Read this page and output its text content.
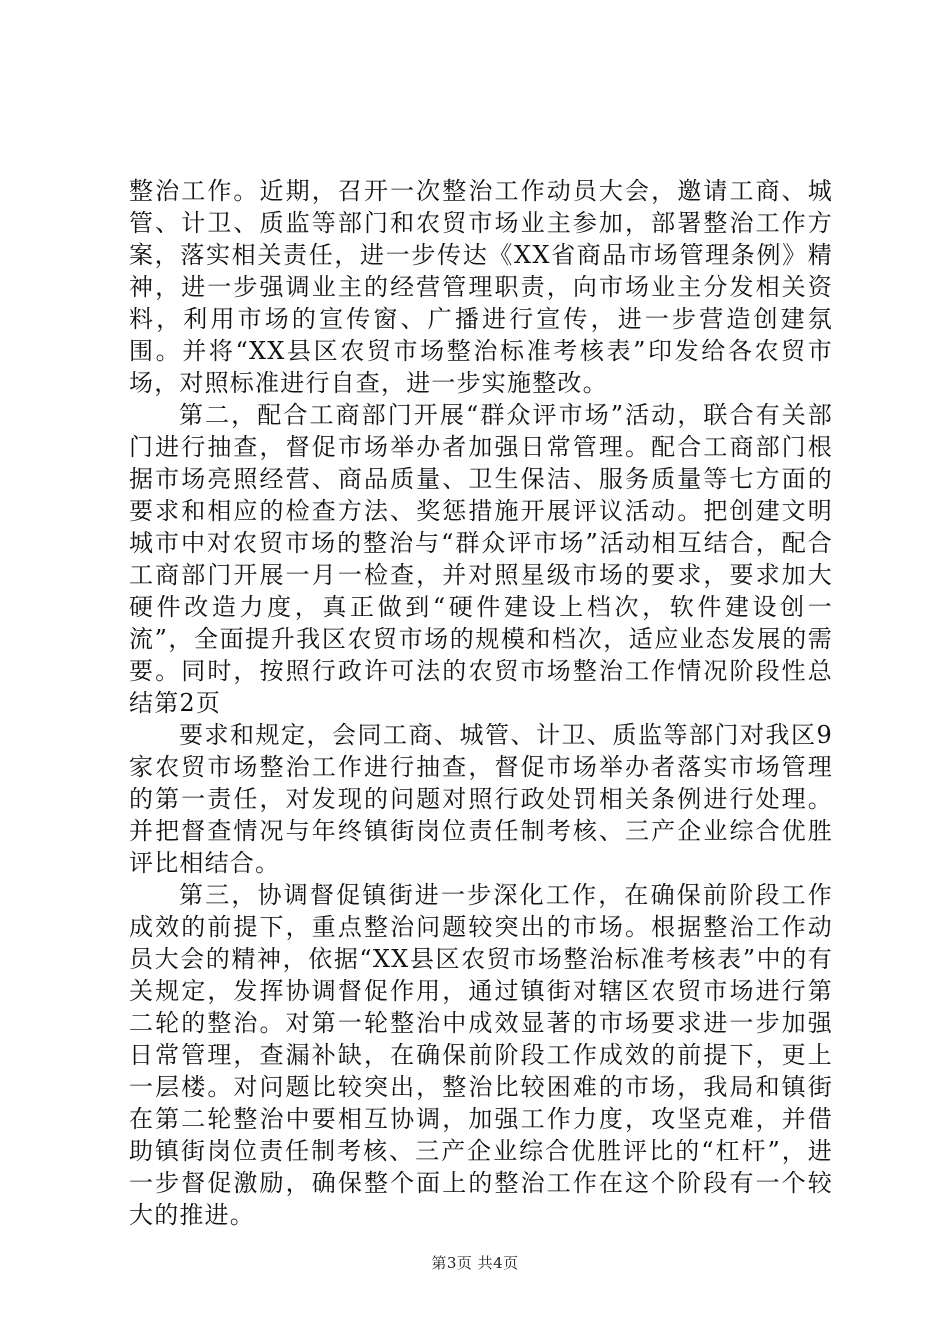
整治工作。近期，召开一次整治工作动员大会，邀请工商、城管、计卫、质监等部门和农贸市场业主参加，部署整治工作方案，落实相关责任，进一步传达《XX省商品市场管理条例》精神，进一步强调业主的经营管理职责，向市场业主分发相关资料，利用市场的宣传窗、广播进行宣传，进一步营造创建氛围。并将“XX县区农贸市场整治标准考核表”印发给各农贸市场，对照标准进行自查，进一步实施整改。

第二，配合工商部门开展“群众评市场”活动，联合有关部门进行抽查，督促市场举办者加强日常管理。配合工商部门根据市场亮照经营、商品质量、卫生保洁、服务质量等七方面的要求和相应的检查方法、奖惩措施开展评议活动。把创建文明城市中对农贸市场的整治与“群众评市场”活动相互结合，配合工商部门开展一月一检查，并对照星级市场的要求，要求加大硬件改造力度，真正做到“硬件建设上档次，软件建设创一流”，全面提升我区农贸市场的规模和档次，适应业态发展的需要。同时，按照行政许可法的农贸市场整治工作情况阶段性总结第2页

要求和规定，会同工商、城管、计卫、质监等部门对我区9家农贸市场整治工作进行抽查，督促市场举办者落实市场管理的第一责任，对发现的问题对照行政处罚相关条例进行处理。并把督查情况与年终镇街岗位责任制考核、三产企业综合优胜评比相结合。

第三，协调督促镇街进一步深化工作，在确保前阶段工作成效的前提下，重点整治问题较突出的市场。根据整治工作动员大会的精神，依据“XX县区农贸市场整治标准考核表”中的有关规定，发挥协调督促作用，通过镇街对辖区农贸市场进行第二轮的整治。对第一轮整治中成效显著的市场要求进一步加强日常管理，查漏补缺，在确保前阶段工作成效的前提下，更上一层楼。对问题比较突出，整治比较困难的市场，我局和镇街在第二轮整治中要相互协调，加强工作力度，攻坚克难，并借助镇街岗位责任制考核、三产企业综合优胜评比的“杠杆”，进一步督促激励，确保整个面上的整治工作在这个阶段有一个较大的推进。

第3页 共4页
